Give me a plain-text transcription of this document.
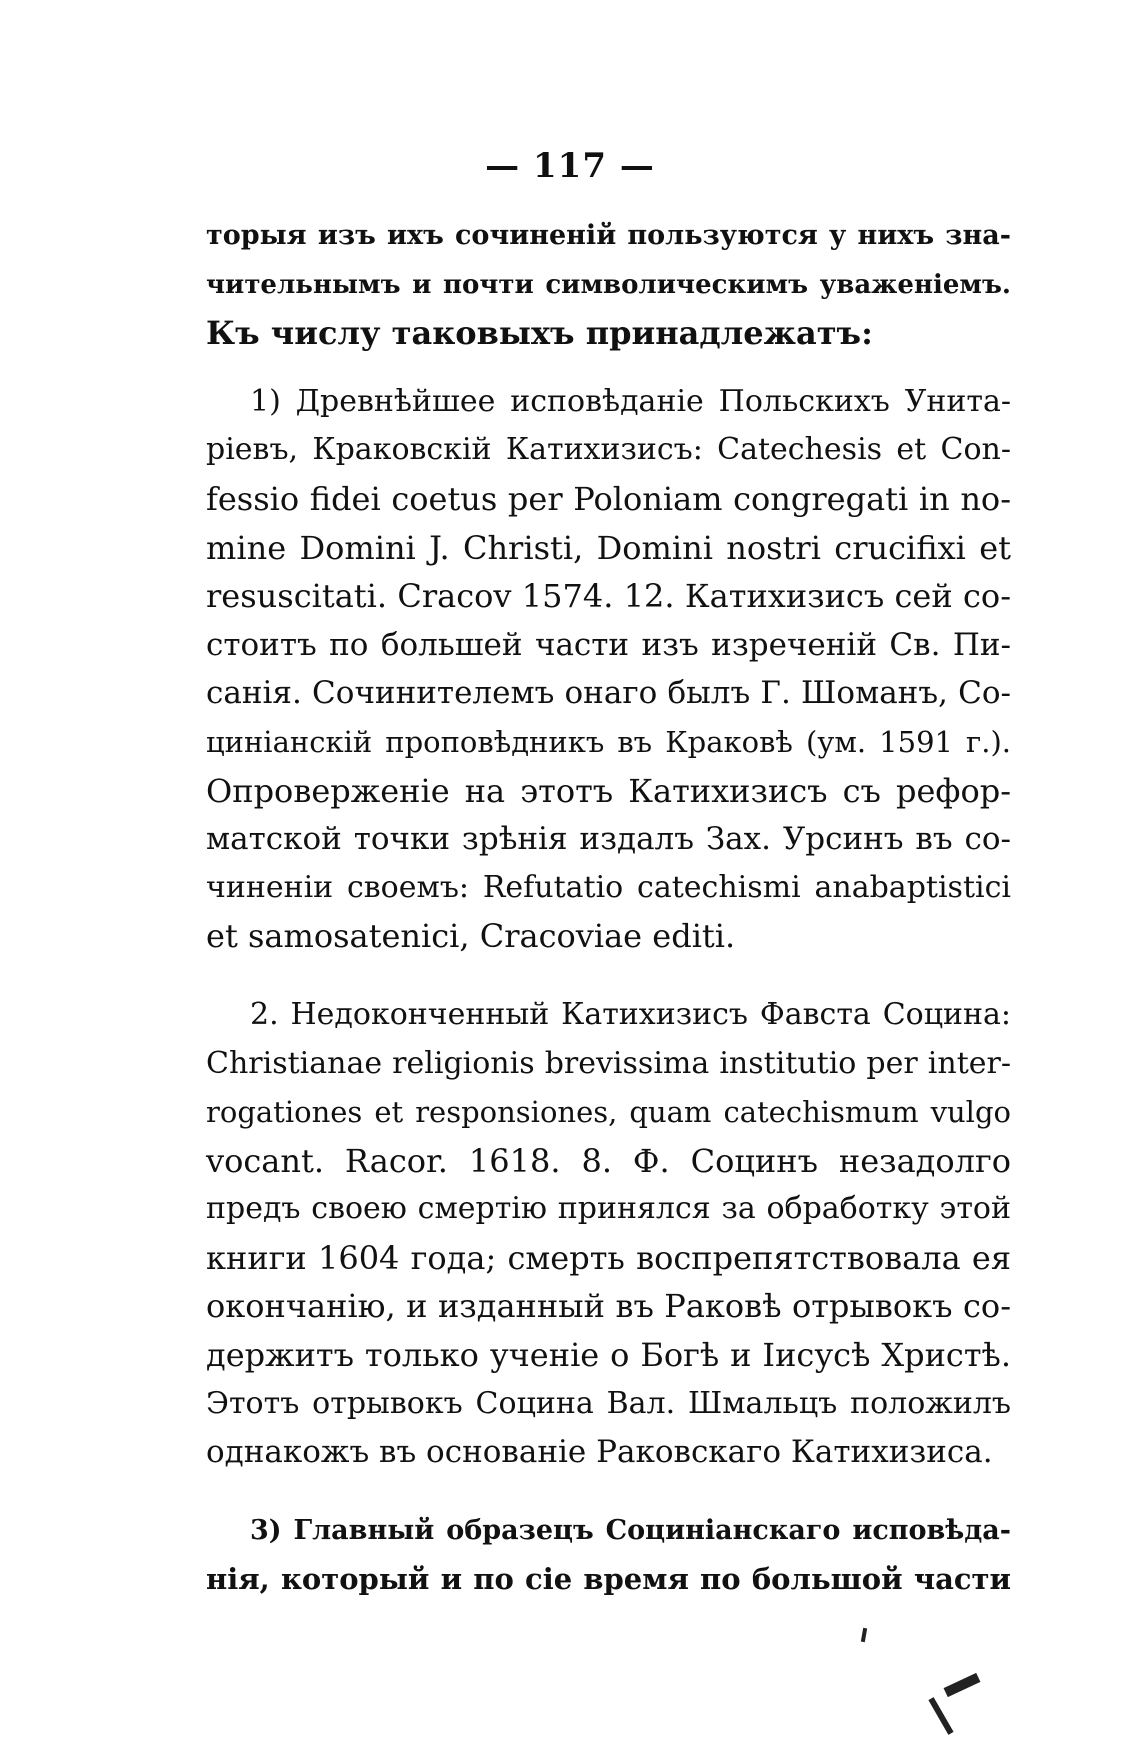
— 117 —
торыя изъ ихъ сочиненій пользуются у нихъ зна-
чительнымъ и почти символическимъ уваженіемъ.
Къ числу таковыхъ принадлежатъ:
1) Древнѣйшее исповѣданіе Польскихъ Унита-
ріевъ, Краковскій Катихизисъ: Catechesis et Con-
fessio fidei coetus per Poloniam congregati in no-
mine Domini J. Christi, Domini nostri crucifixi et
resuscitati. Cracov 1574. 12. Катихизисъ сей со-
стоитъ по большей части изъ изреченій Св. Пи-
санія. Сочинителемъ онаго былъ Г. Шоманъ, Со-
циніанскій проповѣдникъ въ Краковѣ (ум. 1591 г.).
Опроверженіе на этотъ Катихизисъ съ рефор-
матской точки зрѣнія издалъ Зах. Урсинъ въ со-
чиненіи своемъ: Refutatio catechismi anabaptistici
et samosatenici, Cracoviae editi.
2. Недоконченный Катихизисъ Фавста Социна:
Christianae religionis brevissima institutio per inter-
rogationes et responsiones, quam catechismum vulgo
vocant. Racor. 1618. 8. Ф. Социнъ незадолго
предъ своею смертію принялся за обработку этой
книги 1604 года; смерть воспрепятствовала ея
окончанію, и изданный въ Раковѣ отрывокъ со-
держитъ только ученіе о Богѣ и Іисусѣ Христѣ.
Этотъ отрывокъ Социна Вал. Шмальцъ положилъ
однакожъ въ основаніе Раковскаго Катихизиса.
3) Главный образецъ Социніанскаго исповѣда-
нія, который и по сіе время по большой части
